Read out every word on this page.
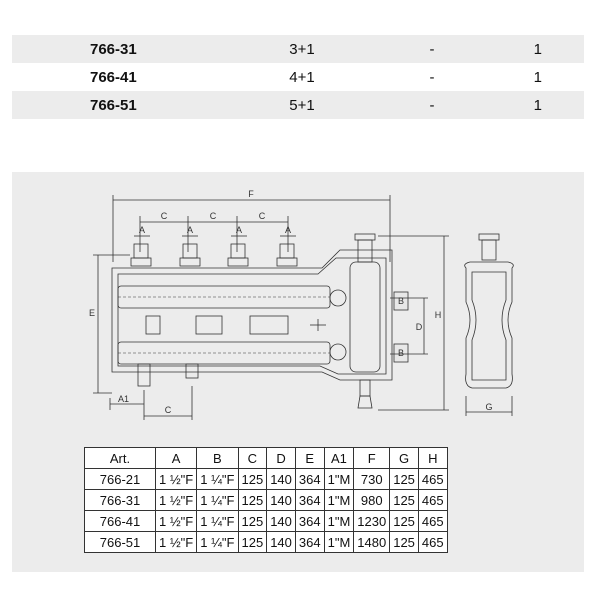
766-31	3+1	-	1
766-41	4+1	-	1
766-51	5+1	-	1
F
C	C	C
A	A	A	A
E
A1
C
B
B
D
H
G
Art.	A	B	C	D	E	A1	F	G	H
766-21	1 ½"F	1 ¼"F	125	140	364	1"M	730	125	465
766-31	1 ½"F	1 ¼"F	125	140	364	1"M	980	125	465
766-41	1 ½"F	1 ¼"F	125	140	364	1"M	1230	125	465
766-51	1 ½"F	1 ¼"F	125	140	364	1"M	1480	125	465
